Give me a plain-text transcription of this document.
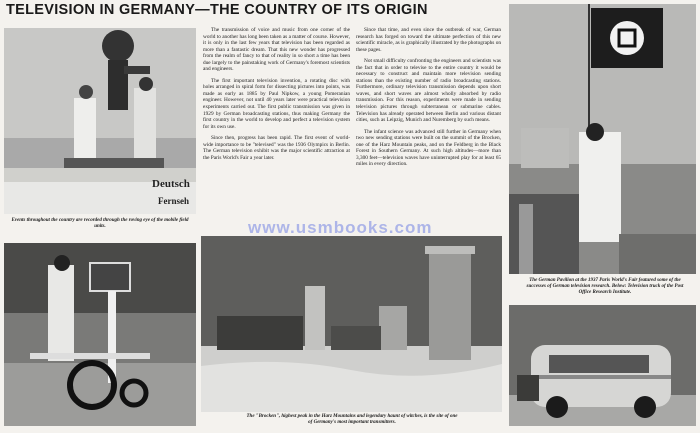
TELEVISION IN GERMANY—THE COUNTRY OF ITS ORIGIN
Deutsch
Fernseh
Events throughout the country are recorded through the roving eye of the mobile field units.

The transmission of voice and music from one corner of the world to another has long been taken as a matter of course. However, it is only in the last few years that television has been regarded as more than a fantastic dream. That this new wonder has progressed from the realm of fancy to that of reality in so short a time has been due largely to the painstaking work of Germany's foremost scientists and engineers.

The first important television invention, a rotating disc with holes arranged in spiral form for dissecting pictures into points, was made as early as 1885 by Paul Nipkow, a young Pomeranian engineer. However, not until 40 years later were practical television experiments carried out. The first public transmission was given in 1929 by German broadcasting stations, thus making Germany the first country in the world to develop and perfect a television system for its own use.

Since then, progress has been rapid. The first event of world-wide importance to be "televised" was the 1936 Olympics in Berlin. The German television exhibit was the major scientific attraction at the Paris World's Fair a year later.

Since that time, and even since the outbreak of war, German research has forged on toward the ultimate perfection of this new scientific miracle, as is graphically illustrated by the photographs on these pages.

Not small difficulty confronting the engineers and scientists was the fact that in order to televise to the entire country it would be necessary to construct and maintain more television sending stations than the existing number of radio broadcasting stations. Furthermore, ordinary television transmission depends upon short waves, and short waves are almost wholly absorbed by radio transmission. For this reason, experiments were made in sending television pictures through subterranean or submarine cables. Television has already operated between Berlin and various distant cities, such as Leipzig, Munich and Nuremberg by such means.

The infant science was advanced still further in Germany when two new sending stations were built on the summit of the Brocken, one of the Harz Mountain peaks, and on the Feldberg in the Black Forest in Southern Germany. At such high altitudes—more than 3,300 feet—television waves have uninterrupted play for at least 65 miles in every direction.

The German Pavilion at the 1937 Paris World's Fair featured some of the successes of German television research. Below: Television truck of the Post Office Research Institute.
The "Brocken", highest peak in the Harz Mountains and legendary haunt of witches, is the site of one of Germany's most important transmitters.
www.usmbooks.com
